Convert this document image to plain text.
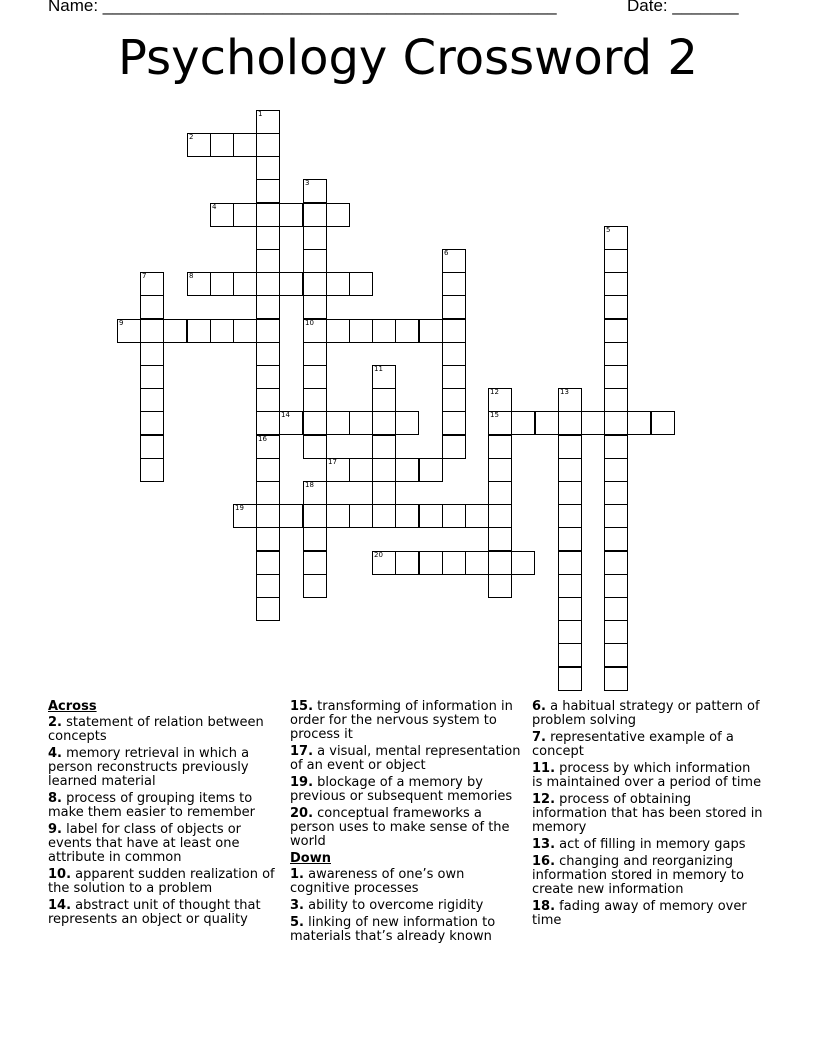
Name: ________________________________________________	Date: _______
Psychology Crossword 2
1
2
3
10
4
5
6
7	8
9
11
12
15
13
14
16
17
18
19
20
Across
2. statement of relation between concepts
4. memory retrieval in which a person reconstructs previously learned material
8. process of grouping items to make them easier to remember
9. label for class of objects or events that have at least one attribute in common
10. apparent sudden realization of the solution to a problem
14. abstract unit of thought that represents an object or quality
15. transforming of information in order for the nervous system to process it
17. a visual, mental representation of an event or object
19. blockage of a memory by previous or subsequent memories
20. conceptual frameworks a person uses to make sense of the world
Down
1. awareness of one’s own cognitive processes
3. ability to overcome rigidity
5. linking of new information to materials that’s already known
6. a habitual strategy or pattern of problem solving
7. representative example of a concept
11. process by which information is maintained over a period of time
12. process of obtaining information that has been stored in memory
13. act of filling in memory gaps
16. changing and reorganizing information stored in memory to create new information
18. fading away of memory over time
